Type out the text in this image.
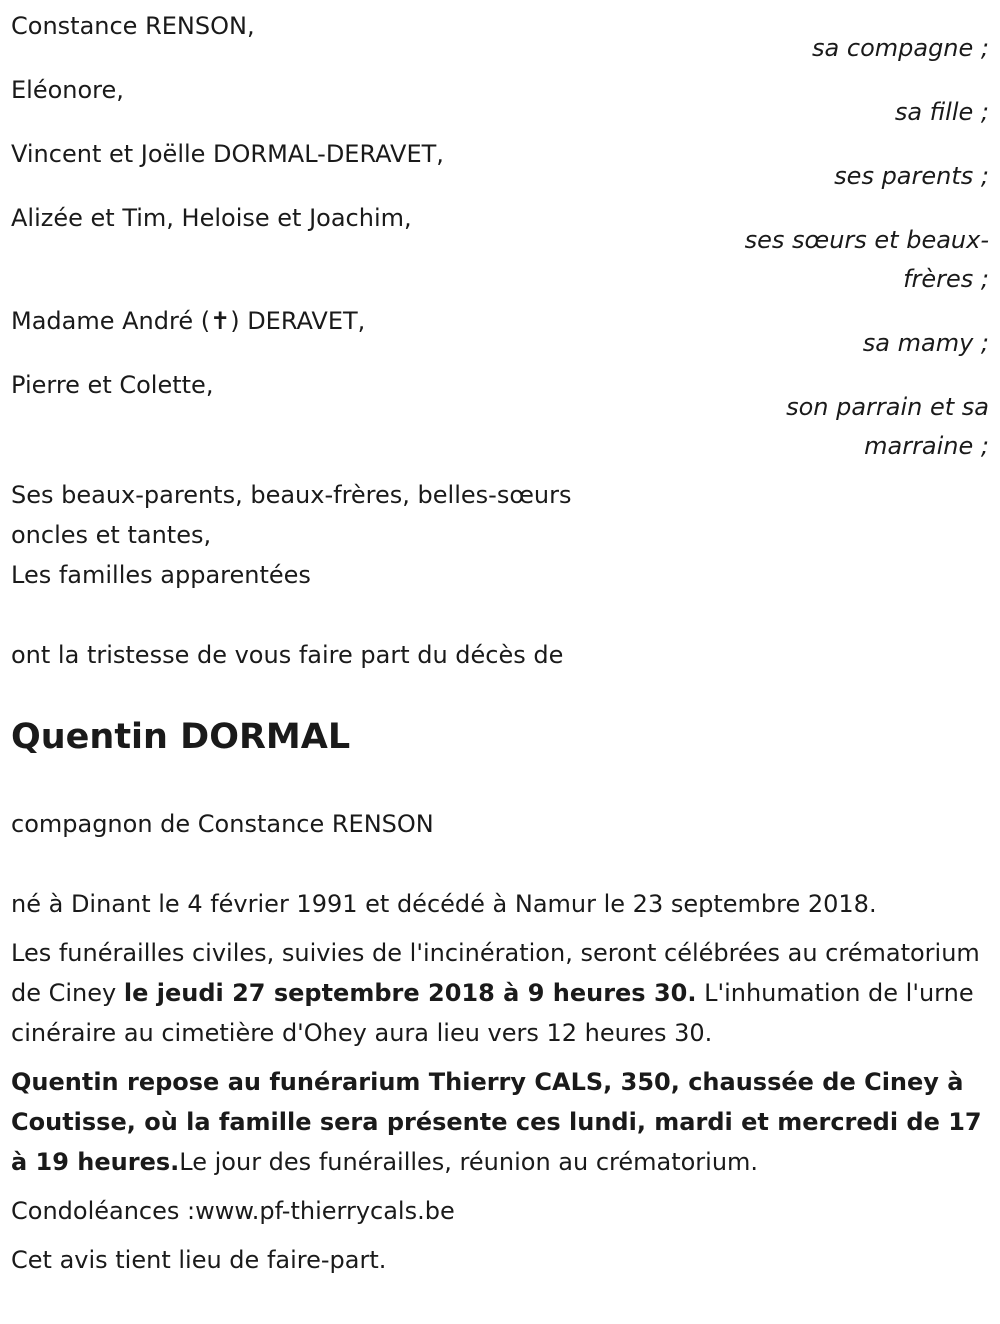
Constance RENSON,
sa compagne ;
Eléonore,
sa fille ;
Vincent et Joëlle DORMAL-DERAVET,
ses parents ;
Alizée et Tim, Heloise et Joachim,
ses sœurs et beaux-frères ;
Madame André (✝) DERAVET,
sa mamy ;
Pierre et Colette,
son parrain et sa marraine ;
Ses beaux-parents, beaux-frères, belles-sœurs
oncles et tantes,
Les familles apparentées
ont la tristesse de vous faire part du décès de
Quentin DORMAL
compagnon de Constance RENSON
né à Dinant le 4 février 1991 et décédé à Namur le 23 septembre 2018.
Les funérailles civiles, suivies de l'incinération, seront célébrées au crématorium de Ciney le jeudi 27 septembre 2018 à 9 heures 30. L'inhumation de l'urne cinéraire au cimetière d'Ohey aura lieu vers 12 heures 30.
Quentin repose au funérarium Thierry CALS, 350, chaussée de Ciney à Coutisse, où la famille sera présente ces lundi, mardi et mercredi de 17 à 19 heures.Le jour des funérailles, réunion au crématorium.
Condoléances :www.pf-thierrycals.be
Cet avis tient lieu de faire-part.
